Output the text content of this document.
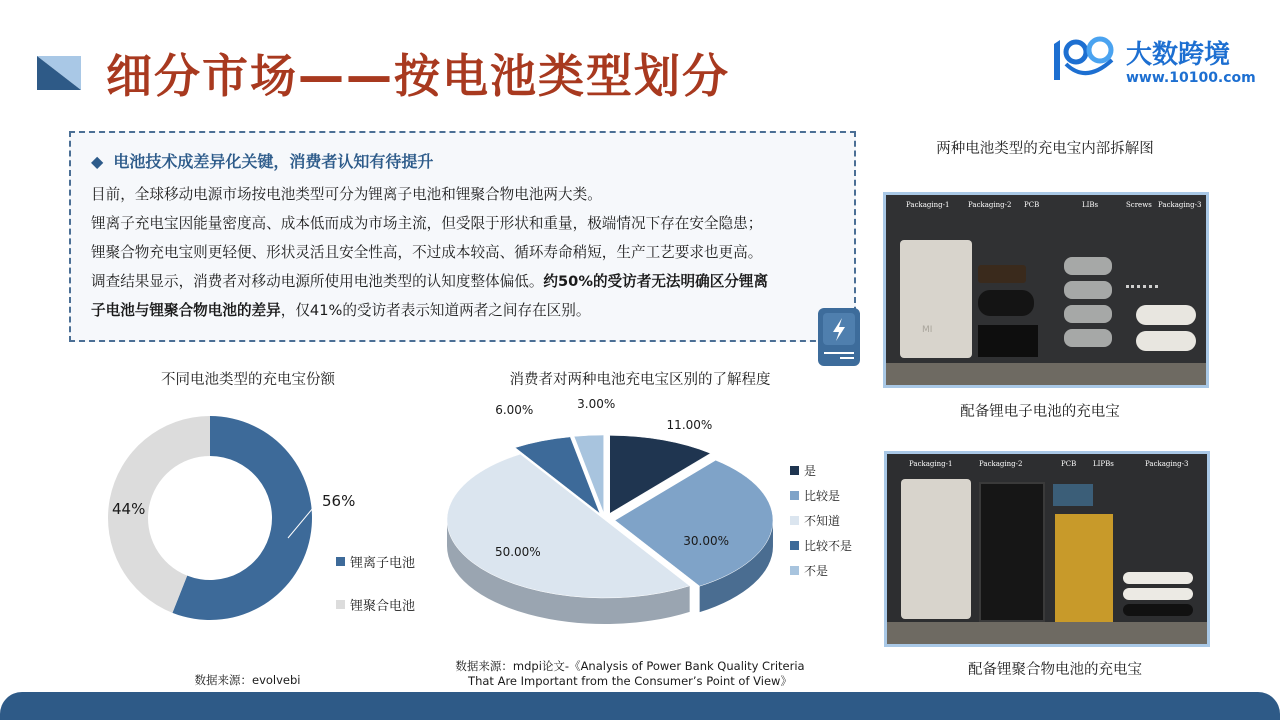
细分市场——按电池类型划分	大数跨境
www.10100.com
◆ 电池技术成差异化关键，消费者认知有待提升
目前，全球移动电源市场按电池类型可分为锂离子电池和锂聚合物电池两大类。
锂离子充电宝因能量密度高、成本低而成为市场主流，但受限于形状和重量，极端情况下存在安全隐患；
锂聚合物充电宝则更轻便、形状灵活且安全性高，不过成本较高、循环寿命稍短，生产工艺要求也更高。
调查结果显示，消费者对移动电源所使用电池类型的认知度整体偏低。约50%的受访者无法明确区分锂离
子电池与锂聚合物电池的差异，仅41%的受访者表示知道两者之间存在区别。
不同电池类型的充电宝份额
56%
44%
锂离子电池
锂聚合电池
数据来源：evolvebi
消费者对两种电池充电宝区别的了解程度
11.00%
30.00%
50.00%
6.00%	3.00%
是
比较是
不知道
比较不是
不是
数据来源：mdpi论文-《Analysis of Power Bank Quality Criteria
That Are Important from the Consumer’s Point of View》
两种电池类型的充电宝内部拆解图
MI
Packaging-1	Packaging-2 PCB	LIBs	Screws Packaging-3
配备锂电子电池的充电宝
Packaging-1	Packaging-2	PCB LIPBs	Packaging-3
配备锂聚合物电池的充电宝
